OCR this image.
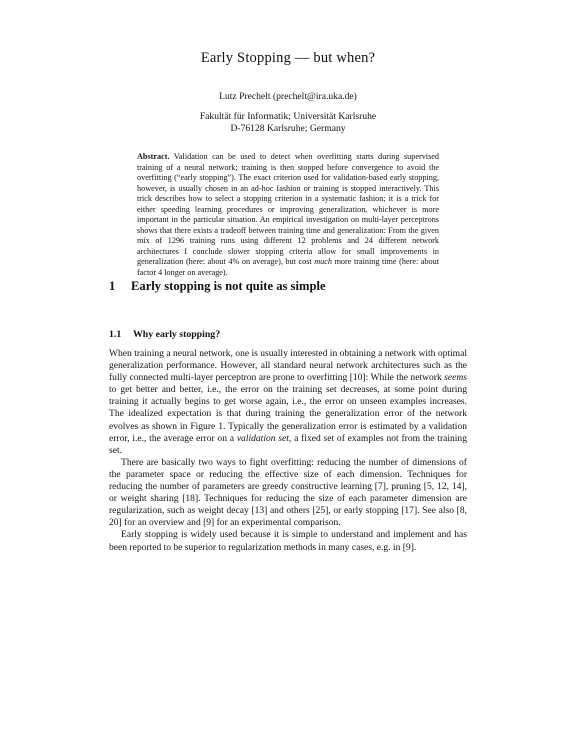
Early Stopping — but when?
Lutz Prechelt (prechelt@ira.uka.de)
Fakultät für Informatik; Universität Karlsruhe
D-76128 Karlsruhe; Germany
Abstract. Validation can be used to detect when overfitting starts during supervised training of a neural network; training is then stopped before convergence to avoid the overfitting (“early stopping”). The exact criterion used for validation-based early stopping, however, is usually chosen in an ad-hoc fashion or training is stopped interactively. This trick describes how to select a stopping criterion in a systematic fashion; it is a trick for either speeding learning procedures or improving generalization, whichever is more important in the particular situation. An empirical investigation on multi-layer perceptrons shows that there exists a tradeoff between training time and generalization: From the given mix of 1296 training runs using different 12 problems and 24 different network architectures I conclude slower stopping criteria allow for small improvements in generalization (here: about 4% on average), but cost much more training time (here: about factor 4 longer on average).
1 Early stopping is not quite as simple
1.1 Why early stopping?

When training a neural network, one is usually interested in obtaining a network with optimal generalization performance. However, all standard neural network architectures such as the fully connected multi-layer perceptron are prone to overfitting [10]: While the network seems to get better and better, i.e., the error on the training set decreases, at some point during training it actually begins to get worse again, i.e., the error on unseen examples increases. The idealized expectation is that during training the generalization error of the network evolves as shown in Figure 1. Typically the generalization error is estimated by a validation error, i.e., the average error on a validation set, a fixed set of examples not from the training set.

There are basically two ways to fight overfitting: reducing the number of dimensions of the parameter space or reducing the effective size of each dimension. Techniques for reducing the number of parameters are greedy constructive learning [7], pruning [5, 12, 14], or weight sharing [18]. Techniques for reducing the size of each parameter dimension are regularization, such as weight decay [13] and others [25], or early stopping [17]. See also [8, 20] for an overview and [9] for an experimental comparison.

Early stopping is widely used because it is simple to understand and implement and has been reported to be superior to regularization methods in many cases, e.g. in [9].
